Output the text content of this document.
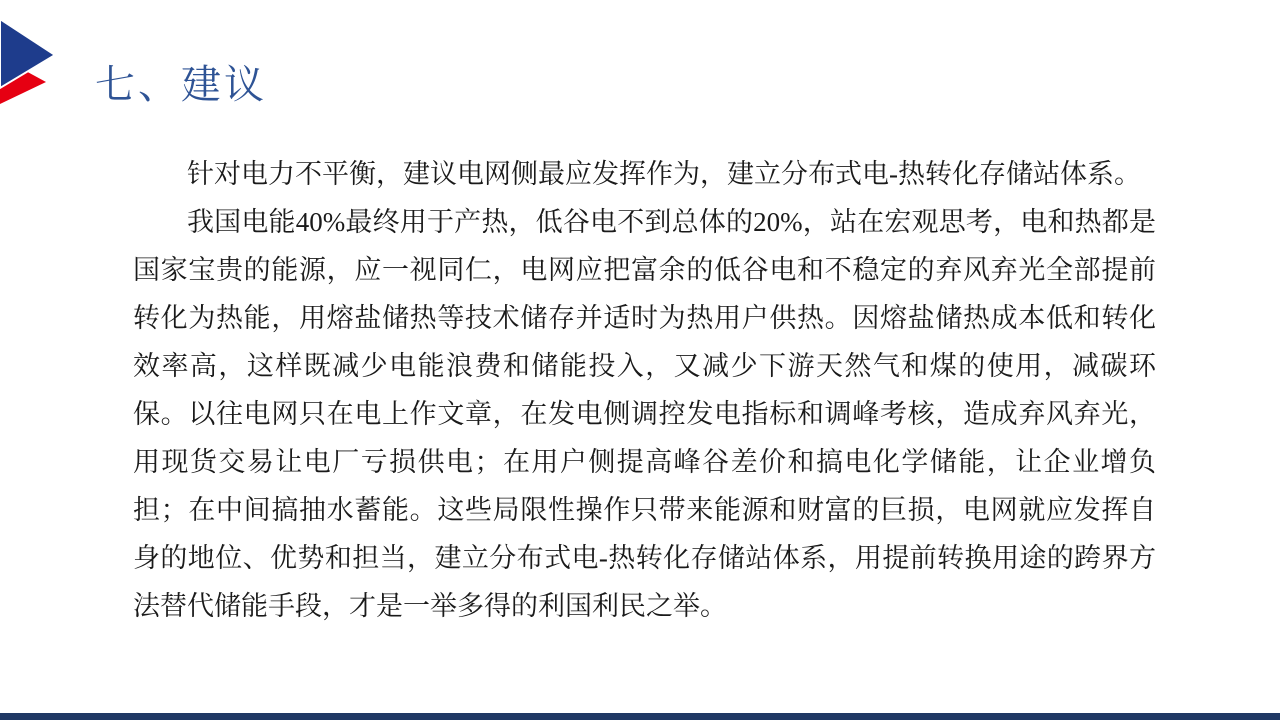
七、建议

针对电力不平衡，建议电网侧最应发挥作为，建立分布式电-热转化存储站体系。

我国电能40%最终用于产热，低谷电不到总体的20%，站在宏观思考，电和热都是国家宝贵的能源，应一视同仁，电网应把富余的低谷电和不稳定的弃风弃光全部提前转化为热能，用熔盐储热等技术储存并适时为热用户供热。因熔盐储热成本低和转化效率高，这样既减少电能浪费和储能投入，又减少下游天然气和煤的使用，减碳环保。以往电网只在电上作文章，在发电侧调控发电指标和调峰考核，造成弃风弃光，用现货交易让电厂亏损供电；在用户侧提高峰谷差价和搞电化学储能，让企业增负担；在中间搞抽水蓄能。这些局限性操作只带来能源和财富的巨损，电网就应发挥自身的地位、优势和担当，建立分布式电-热转化存储站体系，用提前转换用途的跨界方法替代储能手段，才是一举多得的利国利民之举。
